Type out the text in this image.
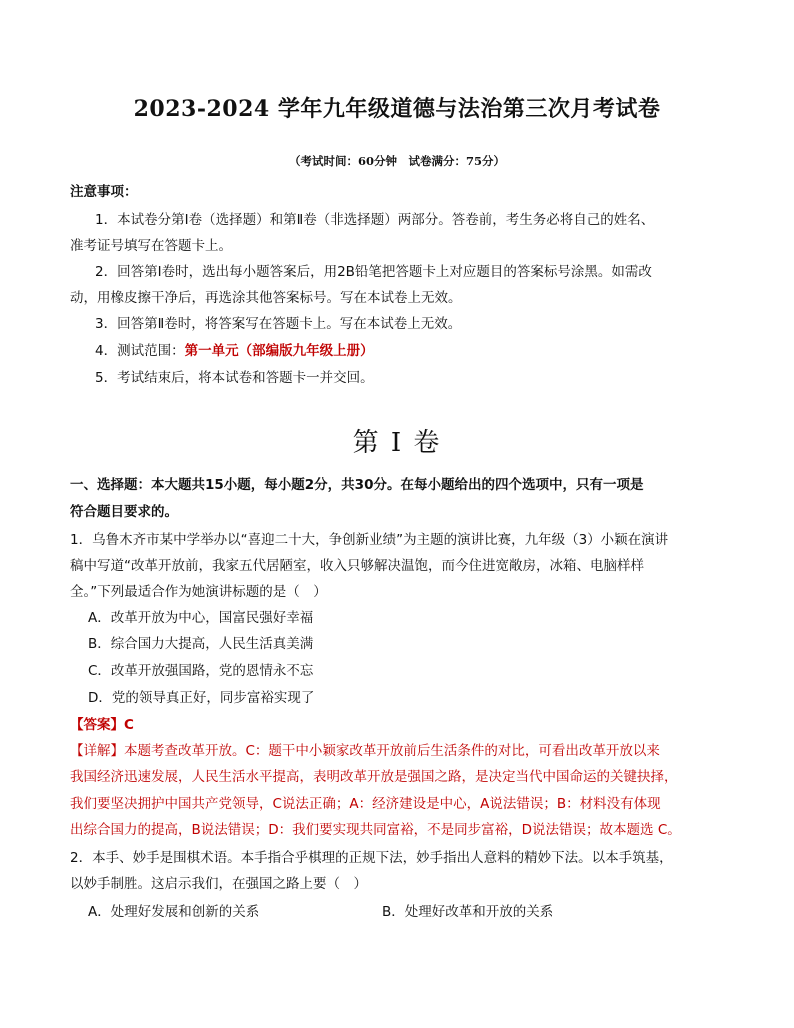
2023-2024 学年九年级道德与法治第三次月考试卷
（考试时间：60分钟　试卷满分：75分）
注意事项：
1．本试卷分第Ⅰ卷（选择题）和第Ⅱ卷（非选择题）两部分。答卷前，考生务必将自己的姓名、
准考证号填写在答题卡上。
2．回答第Ⅰ卷时，选出每小题答案后，用2B铅笔把答题卡上对应题目的答案标号涂黑。如需改
动，用橡皮擦干净后，再选涂其他答案标号。写在本试卷上无效。
3．回答第Ⅱ卷时，将答案写在答题卡上。写在本试卷上无效。
4．测试范围：第一单元（部编版九年级上册）
5．考试结束后，将本试卷和答题卡一并交回。
第 I 卷
一、选择题：本大题共15小题，每小题2分，共30分。在每小题给出的四个选项中，只有一项是
符合题目要求的。
1．乌鲁木齐市某中学举办以“喜迎二十大，争创新业绩”为主题的演讲比赛，九年级（3）小颖在演讲
稿中写道“改革开放前，我家五代居陋室，收入只够解决温饱，而今住进宽敞房，冰箱、电脑样样
全。”下列最适合作为她演讲标题的是（　）
A．改革开放为中心，国富民强好幸福
B．综合国力大提高，人民生活真美满
C．改革开放强国路，党的恩情永不忘
D．党的领导真正好，同步富裕实现了
【答案】C
【详解】本题考查改革开放。C：题干中小颖家改革开放前后生活条件的对比，可看出改革开放以来
我国经济迅速发展，人民生活水平提高，表明改革开放是强国之路，是决定当代中国命运的关键抉择，
我们要坚决拥护中国共产党领导，C说法正确；A：经济建设是中心，A说法错误；B：材料没有体现
出综合国力的提高，B说法错误；D：我们要实现共同富裕，不是同步富裕，D说法错误；故本题选 C。
2．本手、妙手是围棋术语。本手指合乎棋理的正规下法，妙手指出人意料的精妙下法。以本手筑基，
以妙手制胜。这启示我们，在强国之路上要（　）
A．处理好发展和创新的关系	B．处理好改革和开放的关系
